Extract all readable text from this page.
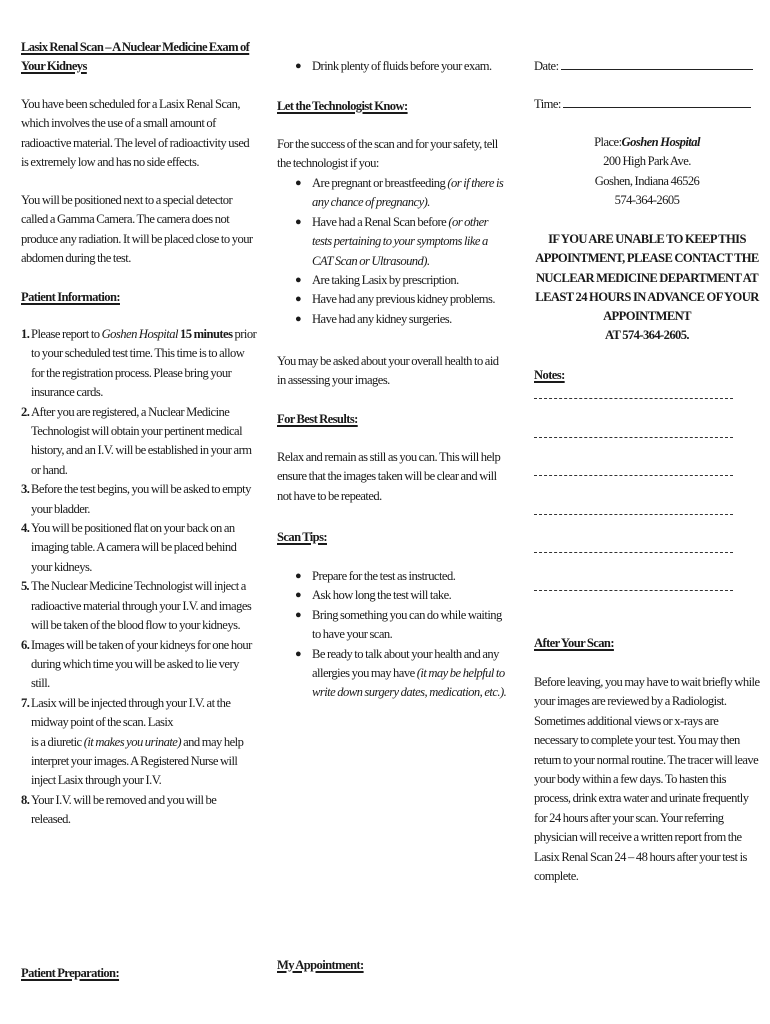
Lasix Renal Scan – A Nuclear Medicine Exam of
Your Kidneys

You have been scheduled for a Lasix Renal Scan, which involves the use of a small amount of radioactive material. The level of radioactivity used is extremely low and has no side effects.

You will be positioned next to a special detector called a Gamma Camera. The camera does not produce any radiation. It will be placed close to your abdomen during the test.

Patient Information:
1. Please report to Goshen Hospital 15 minutes prior to your scheduled test time. This time is to allow for the registration process. Please bring your insurance cards.
2. After you are registered, a Nuclear Medicine Technologist will obtain your pertinent medical history, and an I.V. will be established in your arm or hand.
3. Before the test begins, you will be asked to empty your bladder.
4. You will be positioned flat on your back on an imaging table. A camera will be placed behind your kidneys.
5. The Nuclear Medicine Technologist will inject a radioactive material through your I.V. and images will be taken of the blood flow to your kidneys.
6. Images will be taken of your kidneys for one hour during which time you will be asked to lie very still.
7. Lasix will be injected through your I.V. at the midway point of the scan. Lasix
is a diuretic (it makes you urinate) and may help interpret your images. A Registered Nurse will inject Lasix through your I.V.
8. Your I.V. will be removed and you will be released.
Patient Preparation:
● Drink plenty of fluids before your exam.
Let the Technologist Know:

For the success of the scan and for your safety, tell the technologist if you:

● Are pregnant or breastfeeding (or if there is any chance of pregnancy).
● Have had a Renal Scan before (or other tests pertaining to your symptoms like a CAT Scan or Ultrasound).
● Are taking Lasix by prescription.
● Have had any previous kidney problems.
● Have had any kidney surgeries.

You may be asked about your overall health to aid in assessing your images.

For Best Results:

Relax and remain as still as you can. This will help ensure that the images taken will be clear and will not have to be repeated.

Scan Tips:
● Prepare for the test as instructed.
● Ask how long the test will take.
● Bring something you can do while waiting to have your scan.
● Be ready to talk about your health and any allergies you may have (it may be helpful to write down surgery dates, medication, etc.).
My Appointment:
Date:
Time:
Place:Goshen Hospital
200 High Park Ave.
Goshen, Indiana 46526
574-364-2605
IF YOU ARE UNABLE TO KEEP THIS
APPOINTMENT, PLEASE CONTACT THE
NUCLEAR MEDICINE DEPARTMENT AT
LEAST 24 HOURS IN ADVANCE OF YOUR
APPOINTMENT
AT 574-364-2605.
Notes:
After Your Scan:

Before leaving, you may have to wait briefly while your images are reviewed by a Radiologist. Sometimes additional views or x-rays are necessary to complete your test. You may then return to your normal routine. The tracer will leave your body within a few days. To hasten this process, drink extra water and urinate frequently for 24 hours after your scan. Your referring physician will receive a written report from the Lasix Renal Scan 24 – 48 hours after your test is complete.
